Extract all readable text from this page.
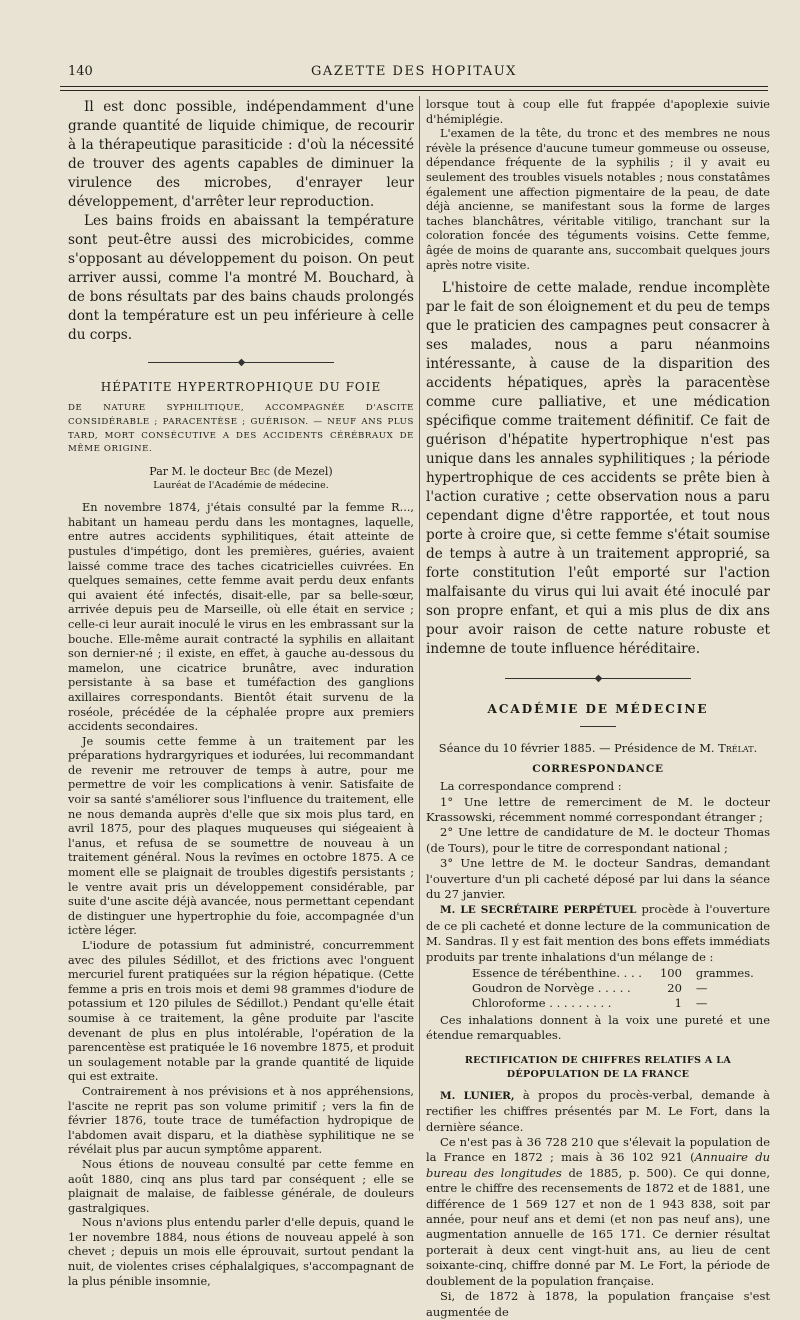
140	GAZETTE DES HOPITAUX

Il est donc possible, indépendamment d'une grande quantité de liquide chimique, de recourir à la thérapeutique parasiticide : d'où la nécessité de trouver des agents capables de diminuer la virulence des microbes, d'enrayer leur développement, d'arrêter leur reproduction.

Les bains froids en abaissant la température sont peut-être aussi des microbicides, comme s'opposant au développement du poison. On peut arriver aussi, comme l'a montré M. Bouchard, à de bons résultats par des bains chauds prolongés dont la température est un peu inférieure à celle du corps.

◆
HÉPATITE HYPERTROPHIQUE DU FOIE
DE NATURE SYPHILITIQUE, ACCOMPAGNÉE D'ASCITE CONSIDÉRABLE ; PARACENTÈSE ; GUÉRISON. — NEUF ANS PLUS TARD, MORT CONSÉCUTIVE A DES ACCIDENTS CÉRÉBRAUX DE MÊME ORIGINE.
Par M. le docteur Bec (de Mezel)
Lauréat de l'Académie de médecine.

En novembre 1874, j'étais consulté par la femme R..., habitant un hameau perdu dans les montagnes, laquelle, entre autres accidents syphilitiques, était atteinte de pustules d'impétigo, dont les premières, guéries, avaient laissé comme trace des taches cicatricielles cuivrées. En quelques semaines, cette femme avait perdu deux enfants qui avaient été infectés, disait-elle, par sa belle-sœur, arrivée depuis peu de Marseille, où elle était en service ; celle-ci leur aurait inoculé le virus en les embrassant sur la bouche. Elle-même aurait contracté la syphilis en allaitant son dernier-né ; il existe, en effet, à gauche au-dessous du mamelon, une cicatrice brunâtre, avec induration persistante à sa base et tuméfaction des ganglions axillaires correspondants. Bientôt était survenu de la roséole, précédée de la céphalée propre aux premiers accidents secondaires.

Je soumis cette femme à un traitement par les préparations hydrargyriques et iodurées, lui recommandant de revenir me retrouver de temps à autre, pour me permettre de voir les complications à venir. Satisfaite de voir sa santé s'améliorer sous l'influence du traitement, elle ne nous demanda auprès d'elle que six mois plus tard, en avril 1875, pour des plaques muqueuses qui siégeaient à l'anus, et refusa de se soumettre de nouveau à un traitement général. Nous la revîmes en octobre 1875. A ce moment elle se plaignait de troubles digestifs persistants ; le ventre avait pris un développement considérable, par suite d'une ascite déjà avancée, nous permettant cependant de distinguer une hypertrophie du foie, accompagnée d'un ictère léger.

L'iodure de potassium fut administré, concurremment avec des pilules Sédillot, et des frictions avec l'onguent mercuriel furent pratiquées sur la région hépatique. (Cette femme a pris en trois mois et demi 98 grammes d'iodure de potassium et 120 pilules de Sédillot.) Pendant qu'elle était soumise à ce traitement, la gêne produite par l'ascite devenant de plus en plus intolérable, l'opération de la parencentèse est pratiquée le 16 novembre 1875, et produit un soulagement notable par la grande quantité de liquide qui est extraite.

Contrairement à nos prévisions et à nos appréhensions, l'ascite ne reprit pas son volume primitif ; vers la fin de février 1876, toute trace de tuméfaction hydropique de l'abdomen avait disparu, et la diathèse syphilitique ne se révélait plus par aucun symptôme apparent.

Nous étions de nouveau consulté par cette femme en août 1880, cinq ans plus tard par conséquent ; elle se plaignait de malaise, de faiblesse générale, de douleurs gastralgiques.

Nous n'avions plus entendu parler d'elle depuis, quand le 1er novembre 1884, nous étions de nouveau appelé à son chevet ; depuis un mois elle éprouvait, surtout pendant la nuit, de violentes crises céphalalgiques, s'accompagnant de la plus pénible insomnie,

lorsque tout à coup elle fut frappée d'apoplexie suivie d'hémiplégie.

L'examen de la tête, du tronc et des membres ne nous révèle la présence d'aucune tumeur gommeuse ou osseuse, dépendance fréquente de la syphilis ; il y avait eu seulement des troubles visuels notables ; nous constatâmes également une affection pigmentaire de la peau, de date déjà ancienne, se manifestant sous la forme de larges taches blanchâtres, véritable vitiligo, tranchant sur la coloration foncée des téguments voisins. Cette femme, âgée de moins de quarante ans, succombait quelques jours après notre visite.

L'histoire de cette malade, rendue incomplète par le fait de son éloignement et du peu de temps que le praticien des campagnes peut consacrer à ses malades, nous a paru néanmoins intéressante, à cause de la disparition des accidents hépatiques, après la paracentèse comme cure palliative, et une médication spécifique comme traitement définitif. Ce fait de guérison d'hépatite hypertrophique n'est pas unique dans les annales syphilitiques ; la période hypertrophique de ces accidents se prête bien à l'action curative ; cette observation nous a paru cependant digne d'être rapportée, et tout nous porte à croire que, si cette femme s'était soumise de temps à autre à un traitement approprié, sa forte constitution l'eût emporté sur l'action malfaisante du virus qui lui avait été inoculé par son propre enfant, et qui a mis plus de dix ans pour avoir raison de cette nature robuste et indemne de toute influence héréditaire.

◆
ACADÉMIE DE MÉDECINE
Séance du 10 février 1885. — Présidence de M. Trélat.
CORRESPONDANCE

La correspondance comprend :

1° Une lettre de remerciment de M. le docteur Krassowski, récemment nommé correspondant étranger ;

2° Une lettre de candidature de M. le docteur Thomas (de Tours), pour le titre de correspondant national ;

3° Une lettre de M. le docteur Sandras, demandant l'ouverture d'un pli cacheté déposé par lui dans la séance du 27 janvier.

M. LE SECRÉTAIRE PERPÉTUEL procède à l'ouverture de ce pli cacheté et donne lecture de la communication de M. Sandras. Il y est fait mention des bons effets immédiats produits par trente inhalations d'un mélange de :

Essence de térébenthine. . . .	100	grammes.
Goudron de Norvège . . . . .	20	—
Chloroforme . . . . . . . . .	1	—

Ces inhalations donnent à la voix une pureté et une étendue remarquables.

RECTIFICATION DE CHIFFRES RELATIFS A LA DÉPOPULATION DE LA FRANCE

M. LUNIER, à propos du procès-verbal, demande à rectifier les chiffres présentés par M. Le Fort, dans la dernière séance.

Ce n'est pas à 36 728 210 que s'élevait la population de la France en 1872 ; mais à 36 102 921 (Annuaire du bureau des longitudes de 1885, p. 500). Ce qui donne, entre le chiffre des recensements de 1872 et de 1881, une différence de 1 569 127 et non de 1 943 838, soit par année, pour neuf ans et demi (et non pas neuf ans), une augmentation annuelle de 165 171. Ce dernier résultat porterait à deux cent vingt-huit ans, au lieu de cent soixante-cinq, chiffre donné par M. Le Fort, la période de doublement de la population française.

Si, de 1872 à 1878, la population française s'est augmentée de
